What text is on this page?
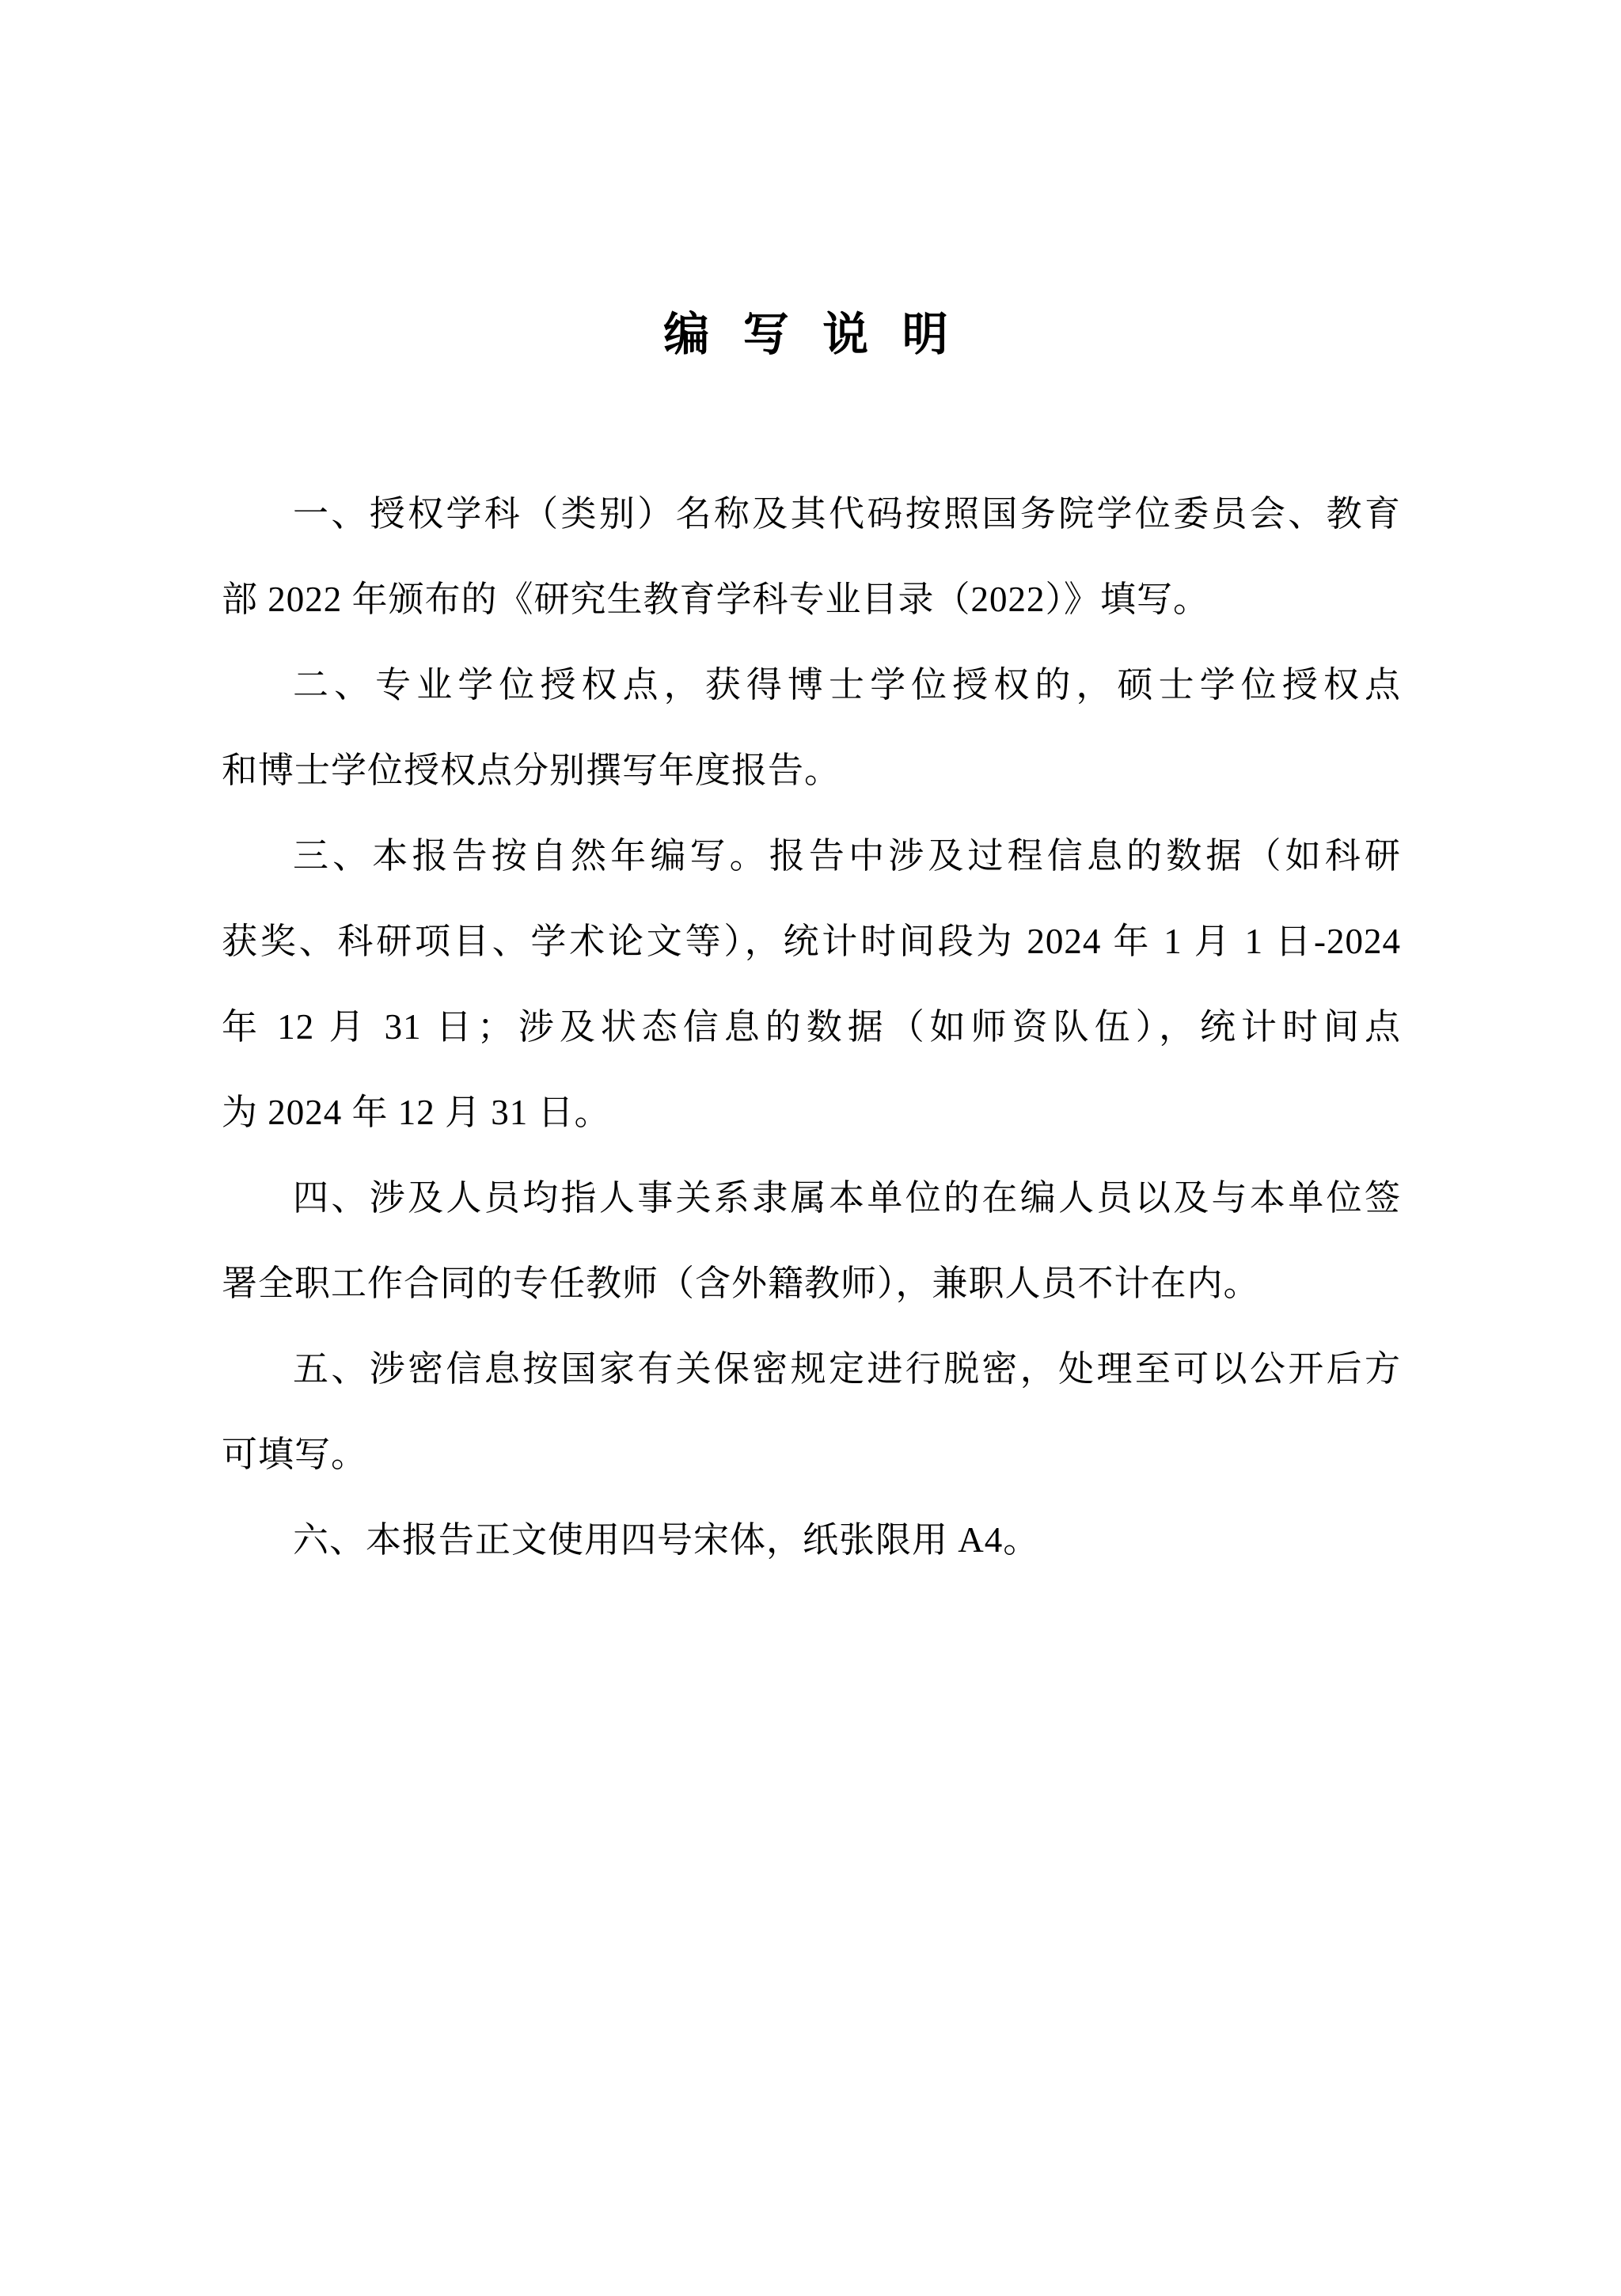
编 写 说 明
一、授权学科（类别）名称及其代码按照国务院学位委员会、教育
部 2022 年颁布的《研究生教育学科专业目录（2022）》填写。
二、专业学位授权点，获得博士学位授权的，硕士学位授权点
和博士学位授权点分别撰写年度报告。
三、本报告按自然年编写。报告中涉及过程信息的数据（如科研
获奖、科研项目、学术论文等），统计时间段为 2024 年 1 月 1 日-2024
年 12 月 31 日；涉及状态信息的数据（如师资队伍），统计时间点
为 2024 年 12 月 31 日。
四、涉及人员均指人事关系隶属本单位的在编人员以及与本单位签
署全职工作合同的专任教师（含外籍教师），兼职人员不计在内。
五、涉密信息按国家有关保密规定进行脱密，处理至可以公开后方
可填写。
六、本报告正文使用四号宋体，纸张限用 A4。
